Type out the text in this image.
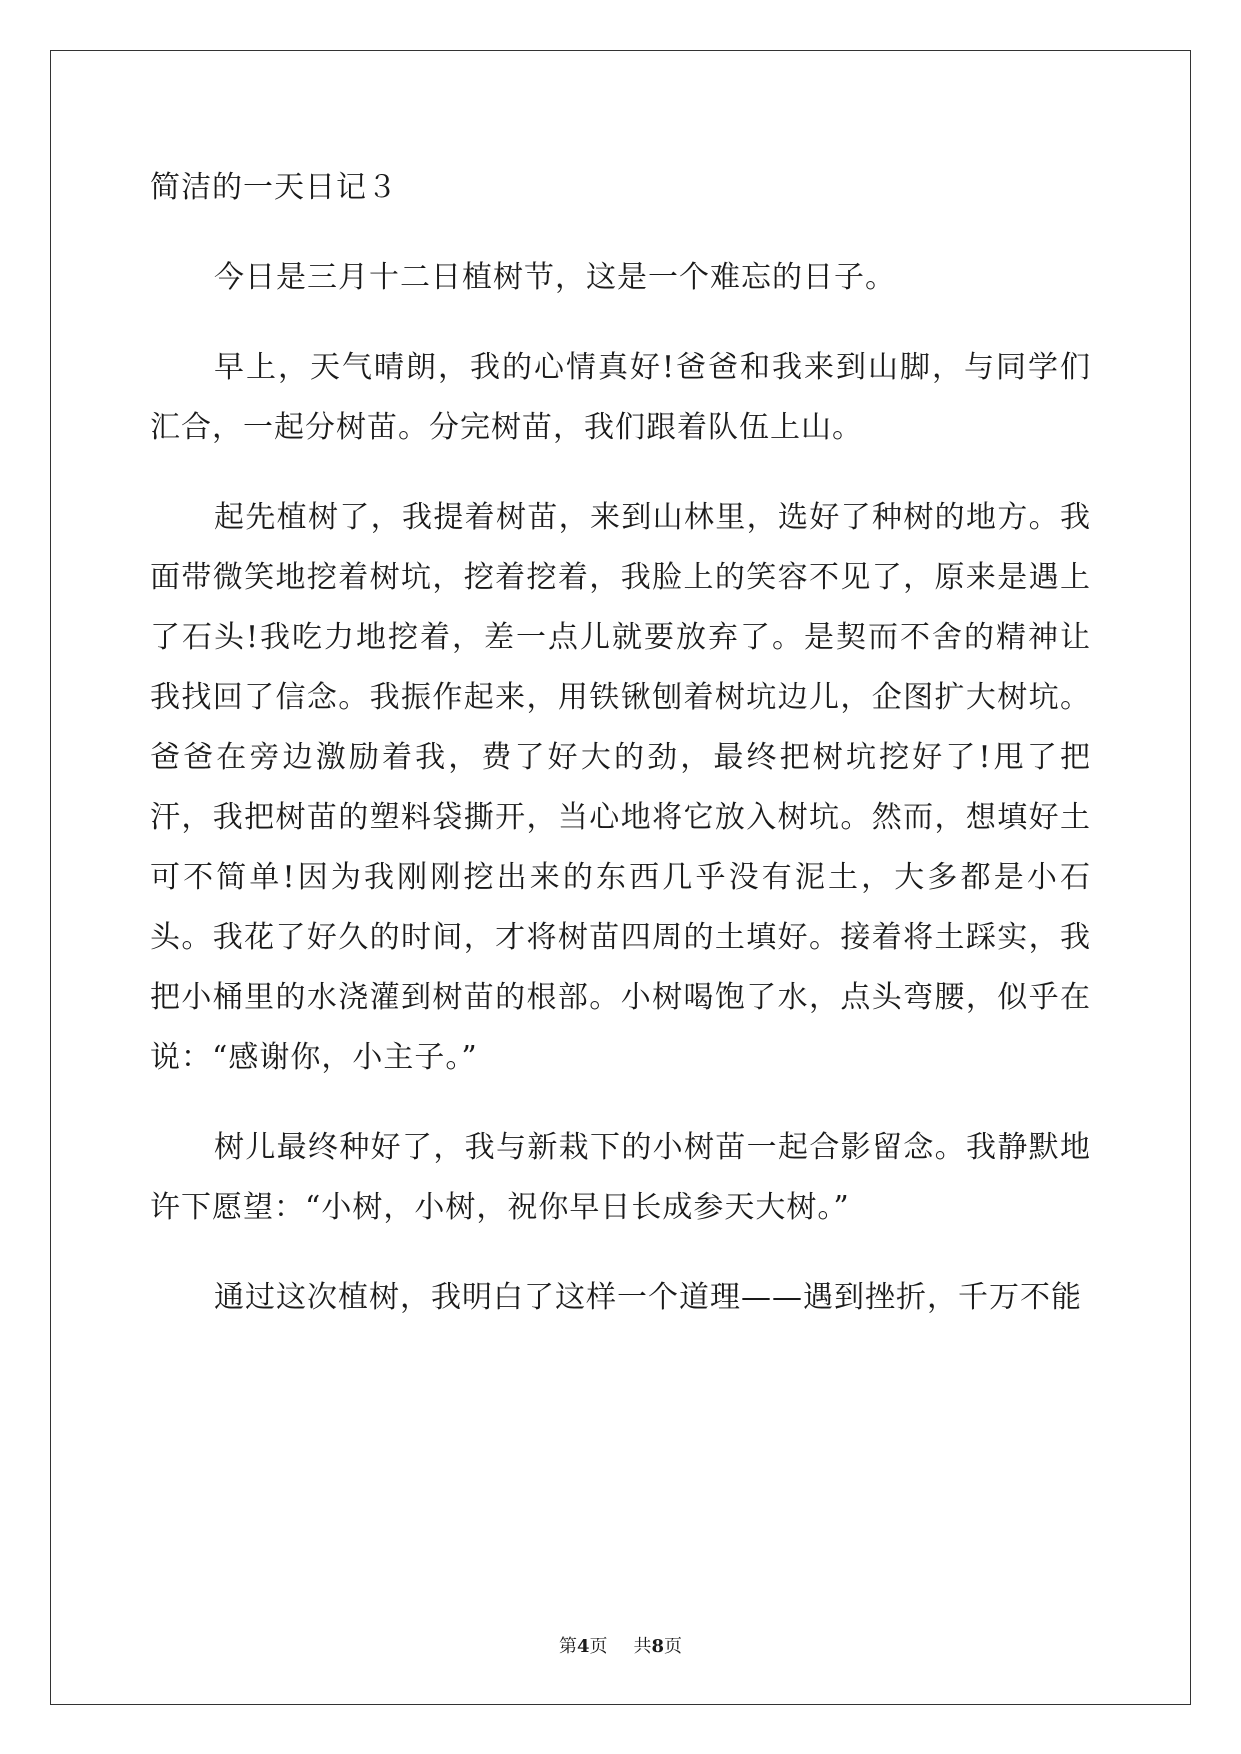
简洁的一天日记３

今日是三月十二日植树节，这是一个难忘的日子。

早上，天气晴朗，我的心情真好!爸爸和我来到山脚，与同学们汇合，一起分树苗。分完树苗，我们跟着队伍上山。

起先植树了，我提着树苗，来到山林里，选好了种树的地方。我面带微笑地挖着树坑，挖着挖着，我脸上的笑容不见了，原来是遇上了石头!我吃力地挖着，差一点儿就要放弃了。是契而不舍的精神让我找回了信念。我振作起来，用铁锹刨着树坑边儿，企图扩大树坑。爸爸在旁边激励着我，费了好大的劲，最终把树坑挖好了!甩了把汗，我把树苗的塑料袋撕开，当心地将它放入树坑。然而，想填好土可不简单!因为我刚刚挖出来的东西几乎没有泥土，大多都是小石头。我花了好久的时间，才将树苗四周的土填好。接着将土踩实，我把小桶里的水浇灌到树苗的根部。小树喝饱了水，点头弯腰，似乎在说：“感谢你，小主子。”

树儿最终种好了，我与新栽下的小树苗一起合影留念。我静默地许下愿望：“小树，小树，祝你早日长成参天大树。”

通过这次植树，我明白了这样一个道理——遇到挫折，千万不能

第4页 共8页
